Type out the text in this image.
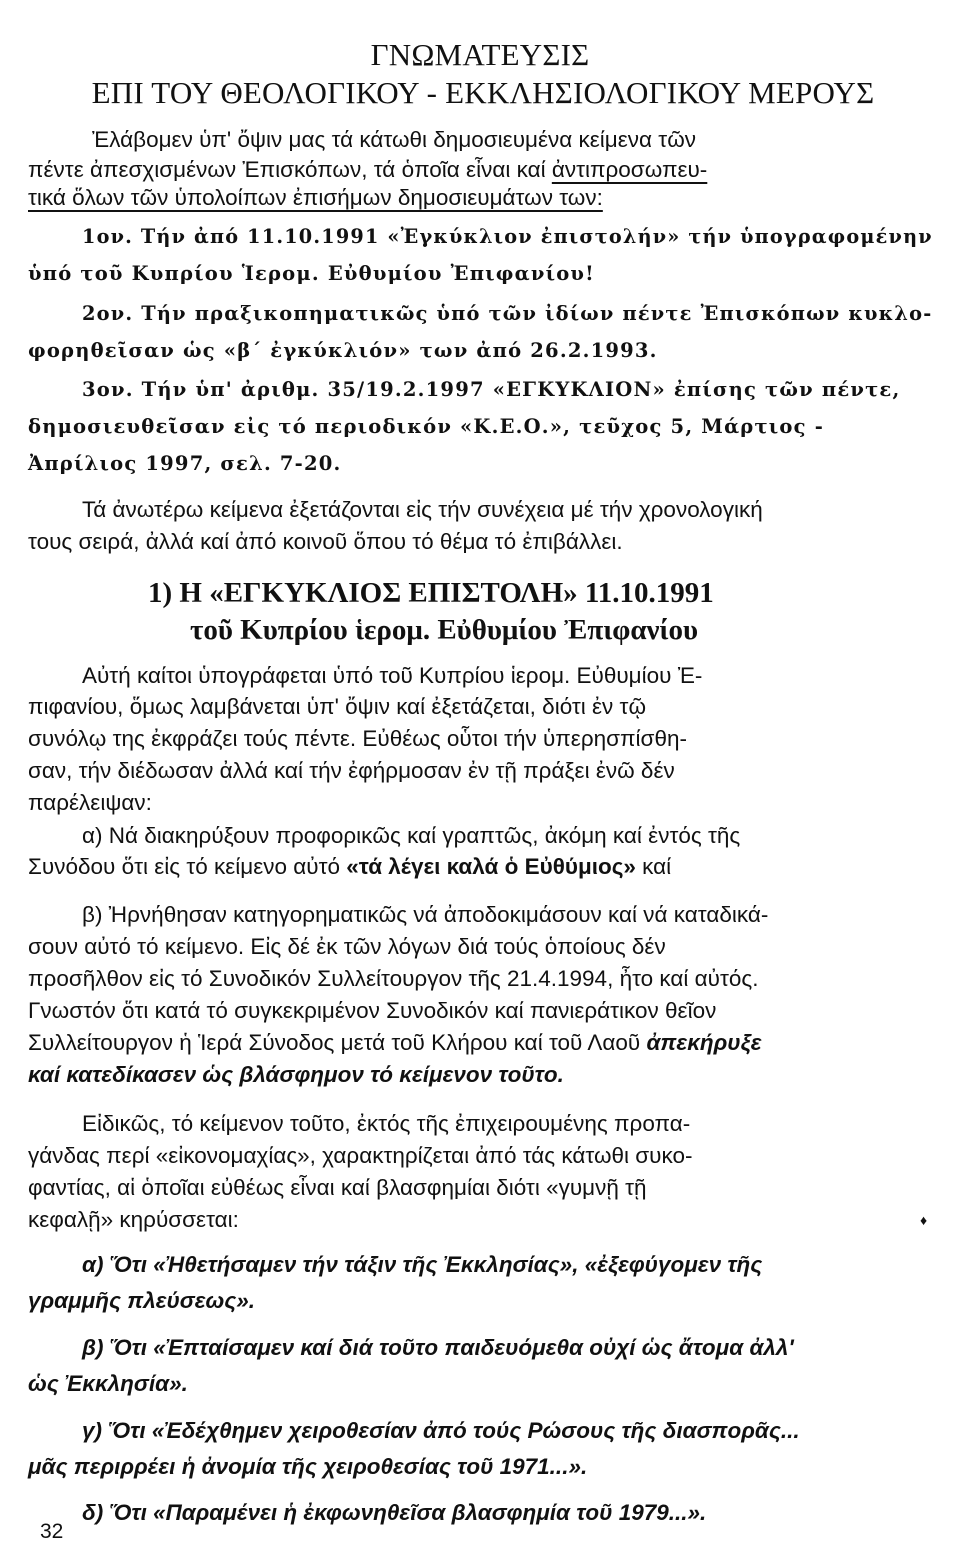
ΓΝΩΜΑΤΕΥΣΙΣ
ΕΠΙ ΤΟΥ ΘΕΟΛΟΓΙΚΟΥ - ΕΚΚΛΗΣΙΟΛΟΓΙΚΟΥ ΜΕΡΟΥΣ
Ἐλάβομεν ὑπ' ὄψιν μας τά κάτωθι δημοσιευμένα κείμενα τῶν
πέντε ἀπεσχισμένων Ἐπισκόπων, τά ὁποῖα εἶναι καί ἀντιπροσωπευ-
τικά ὅλων τῶν ὑπολοίπων ἐπισήμων δημοσιευμάτων των:
1ον. Τήν ἀπό 11.10.1991 «Ἐγκύκλιον ἐπιστολήν» τήν ὑπογραφομένην
ὑπό τοῦ Κυπρίου Ἱερομ. Εὐθυμίου Ἐπιφανίου!
2ον. Τήν πραξικοπηματικῶς ὑπό τῶν ἰδίων πέντε Ἐπισκόπων κυκλο-
φορηθεῖσαν ὡς «β΄ ἐγκύκλιόν» των ἀπό 26.2.1993.
3ον. Τήν ὑπ' ἀριθμ. 35/19.2.1997 «ΕΓΚΥΚΛΙΟΝ» ἐπίσης τῶν πέντε,
δημοσιευθεῖσαν εἰς τό περιοδικόν «Κ.Ε.Ο.», τεῦχος 5, Μάρτιος -
Ἀπρίλιος 1997, σελ. 7-20.
Τά ἀνωτέρω κείμενα ἐξετάζονται εἰς τήν συνέχεια μέ τήν χρονολογική
τους σειρά, ἀλλά καί ἀπό κοινοῦ ὅπου τό θέμα τό ἐπιβάλλει.
1) Η «ΕΓΚΥΚΛΙΟΣ ΕΠΙΣΤΟΛΗ» 11.10.1991
τοῦ Κυπρίου ἱερομ. Εὐθυμίου Ἐπιφανίου
Αὐτή καίτοι ὑπογράφεται ὑπό τοῦ Κυπρίου ἱερομ. Εὐθυμίου Ἐ-
πιφανίου, ὅμως λαμβάνεται ὑπ' ὄψιν καί ἐξετάζεται, διότι ἐν τῷ
συνόλῳ της ἐκφράζει τούς πέντε. Εὐθέως οὗτοι τήν ὑπερησπίσθη-
σαν, τήν διέδωσαν ἀλλά καί τήν ἐφήρμοσαν ἐν τῇ πράξει ἐνῶ δέν
παρέλειψαν:
α) Νά διακηρύξουν προφορικῶς καί γραπτῶς, ἀκόμη καί ἐντός τῆς
Συνόδου ὅτι εἰς τό κείμενο αὐτό «τά λέγει καλά ὁ Εὐθύμιος» καί
β) Ἠρνήθησαν κατηγορηματικῶς νά ἀποδοκιμάσουν καί νά καταδικά-
σουν αὐτό τό κείμενο. Εἰς δέ ἐκ τῶν λόγων διά τούς ὁποίους δέν
προσῆλθον εἰς τό Συνοδικόν Συλλείτουργον τῆς 21.4.1994, ἦτο καί αὐτός.
Γνωστόν ὅτι κατά τό συγκεκριμένον Συνοδικόν καί πανιεράτικον θεῖον
Συλλείτουργον ἡ Ἱερά Σύνοδος μετά τοῦ Κλήρου καί τοῦ Λαοῦ ἀπεκήρυξε
καί κατεδίκασεν ὡς βλάσφημον τό κείμενον τοῦτο.
Εἰδικῶς, τό κείμενον τοῦτο, ἐκτός τῆς ἐπιχειρουμένης προπα-
γάνδας περί «εἰκονομαχίας», χαρακτηρίζεται ἀπό τάς κάτωθι συκο-
φαντίας, αἱ ὁποῖαι εὐθέως εἶναι καί βλασφημίαι διότι «γυμνῇ τῇ
κεφαλῇ» κηρύσσεται:	♦
α) Ὅτι «Ἠθετήσαμεν τήν τάξιν τῆς Ἐκκλησίας», «ἐξεφύγομεν τῆς
γραμμῆς πλεύσεως».
β) Ὅτι «Ἐπταίσαμεν καί διά τοῦτο παιδευόμεθα οὐχί ὡς ἄτομα ἀλλ'
ὡς Ἐκκλησία».
γ) Ὅτι «Ἐδέχθημεν χειροθεσίαν ἀπό τούς Ρώσους τῆς διασπορᾶς...
μᾶς περιρρέει ἡ ἀνομία τῆς χειροθεσίας τοῦ 1971...».
δ) Ὅτι «Παραμένει ἡ ἐκφωνηθεῖσα βλασφημία τοῦ 1979...».
32
